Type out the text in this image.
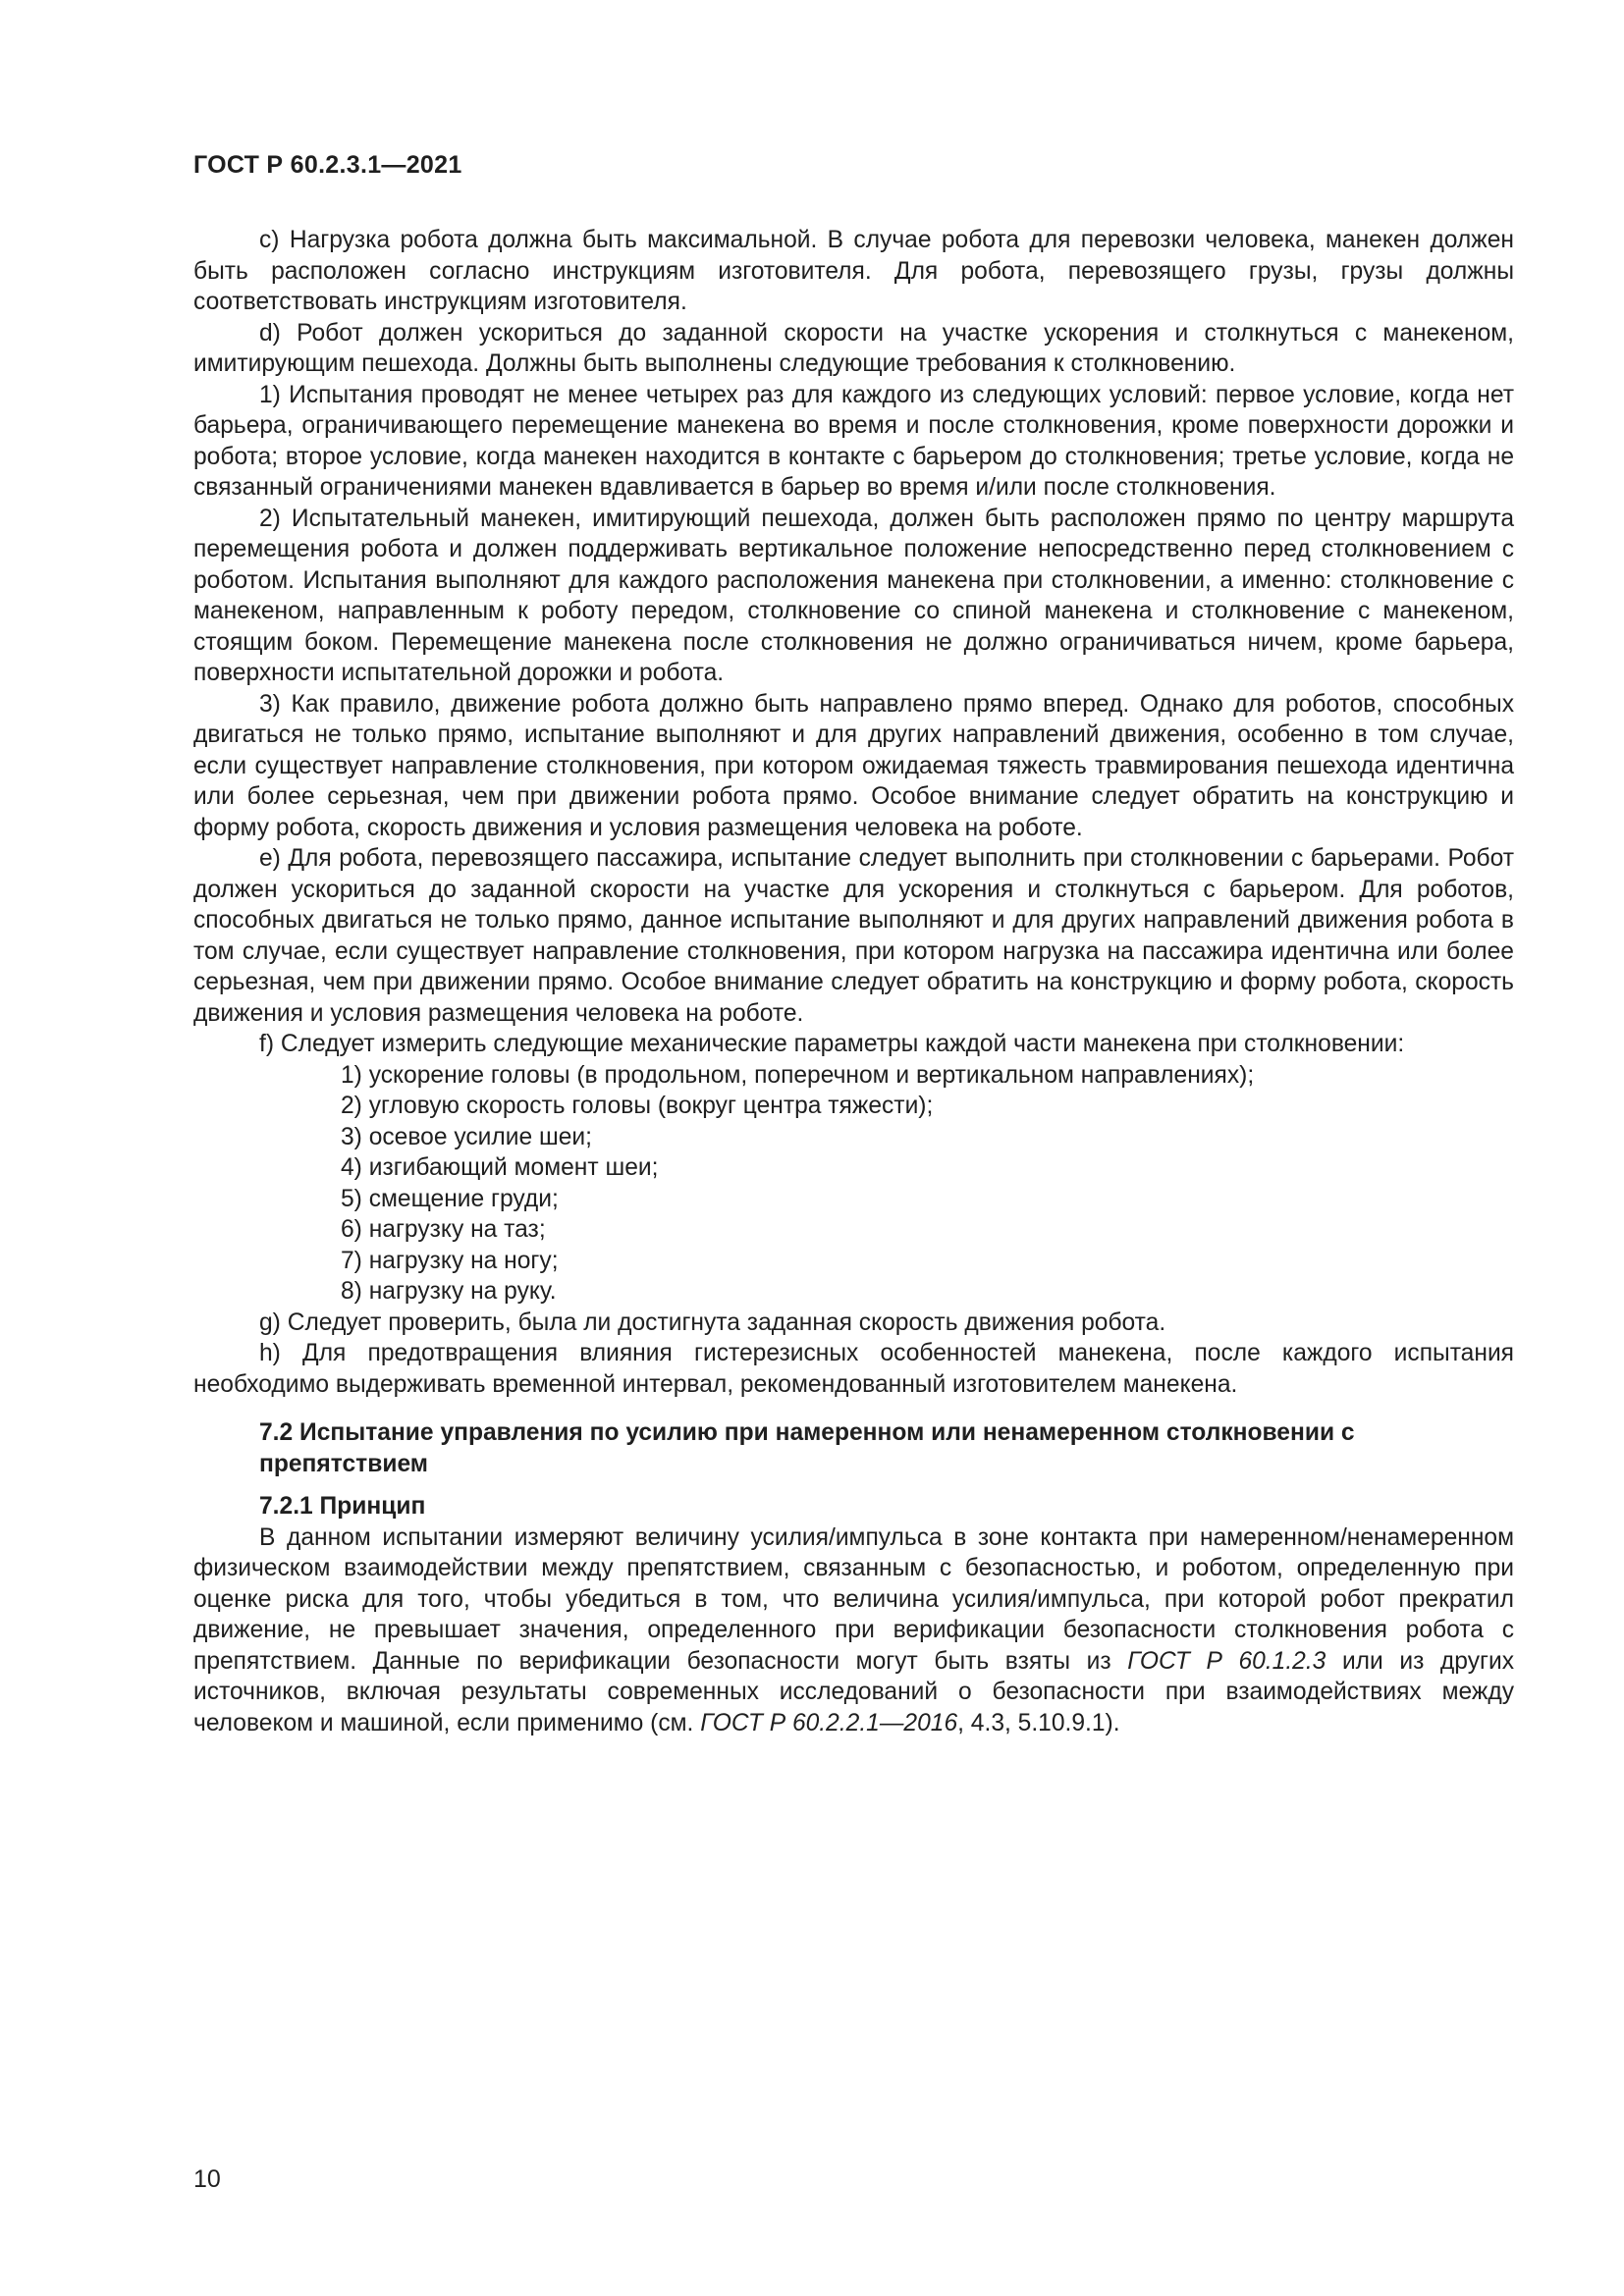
ГОСТ Р 60.2.3.1—2021

c) Нагрузка робота должна быть максимальной. В случае робота для перевозки человека, манекен должен быть расположен согласно инструкциям изготовителя. Для робота, перевозящего грузы, грузы должны соответствовать инструкциям изготовителя.

d) Робот должен ускориться до заданной скорости на участке ускорения и столкнуться с манекеном, имитирующим пешехода. Должны быть выполнены следующие требования к столкновению.

1) Испытания проводят не менее четырех раз для каждого из следующих условий: первое условие, когда нет барьера, ограничивающего перемещение манекена во время и после столкновения, кроме поверхности дорожки и робота; второе условие, когда манекен находится в контакте с барьером до столкновения; третье условие, когда не связанный ограничениями манекен вдавливается в барьер во время и/или после столкновения.

2) Испытательный манекен, имитирующий пешехода, должен быть расположен прямо по центру маршрута перемещения робота и должен поддерживать вертикальное положение непосредственно перед столкновением с роботом. Испытания выполняют для каждого расположения манекена при столкновении, а именно: столкновение с манекеном, направленным к роботу передом, столкновение со спиной манекена и столкновение с манекеном, стоящим боком. Перемещение манекена после столкновения не должно ограничиваться ничем, кроме барьера, поверхности испытательной дорожки и робота.

3) Как правило, движение робота должно быть направлено прямо вперед. Однако для роботов, способных двигаться не только прямо, испытание выполняют и для других направлений движения, особенно в том случае, если существует направление столкновения, при котором ожидаемая тяжесть травмирования пешехода идентична или более серьезная, чем при движении робота прямо. Особое внимание следует обратить на конструкцию и форму робота, скорость движения и условия размещения человека на роботе.

e) Для робота, перевозящего пассажира, испытание следует выполнить при столкновении с барьерами. Робот должен ускориться до заданной скорости на участке для ускорения и столкнуться с барьером. Для роботов, способных двигаться не только прямо, данное испытание выполняют и для других направлений движения робота в том случае, если существует направление столкновения, при котором нагрузка на пассажира идентична или более серьезная, чем при движении прямо. Особое внимание следует обратить на конструкцию и форму робота, скорость движения и условия размещения человека на роботе.

f) Следует измерить следующие механические параметры каждой части манекена при столкновении:

1) ускорение головы (в продольном, поперечном и вертикальном направлениях);

2) угловую скорость головы (вокруг центра тяжести);

3) осевое усилие шеи;

4) изгибающий момент шеи;

5) смещение груди;

6) нагрузку на таз;

7) нагрузку на ногу;

8) нагрузку на руку.

g) Следует проверить, была ли достигнута заданная скорость движения робота.

h) Для предотвращения влияния гистерезисных особенностей манекена, после каждого испытания необходимо выдерживать временной интервал, рекомендованный изготовителем манекена.

7.2 Испытание управления по усилию при намеренном или ненамеренном столкновении с препятствием
7.2.1 Принцип

В данном испытании измеряют величину усилия/импульса в зоне контакта при намеренном/ненамеренном физическом взаимодействии между препятствием, связанным с безопасностью, и роботом, определенную при оценке риска для того, чтобы убедиться в том, что величина усилия/импульса, при которой робот прекратил движение, не превышает значения, определенного при верификации безопасности столкновения робота с препятствием. Данные по верификации безопасности могут быть взяты из ГОСТ Р 60.1.2.3 или из других источников, включая результаты современных исследований о безопасности при взаимодействиях между человеком и машиной, если применимо (см. ГОСТ Р 60.2.2.1—2016, 4.3, 5.10.9.1).

10
